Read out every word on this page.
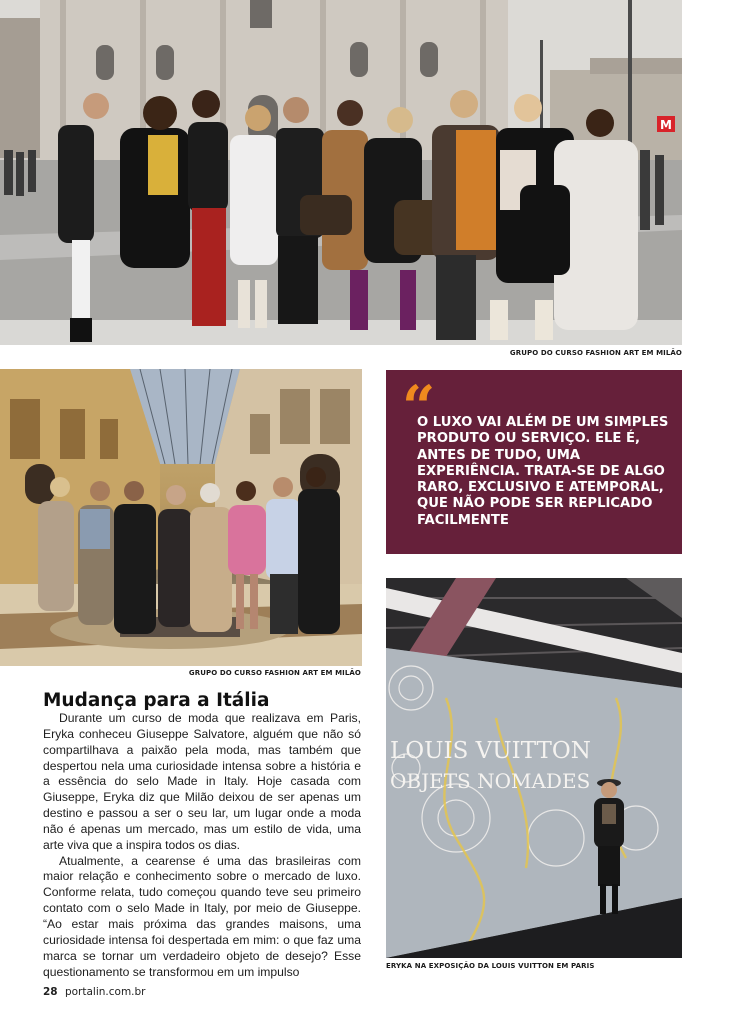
M
GRUPO DO CURSO FASHION ART EM MILÃO
GRUPO DO CURSO FASHION ART EM MILÃO
“
O LUXO VAI ALÉM DE UM SIMPLES PRODUTO OU SERVIÇO. ELE É, ANTES DE TUDO, UMA EXPERIÊNCIA. TRATA-SE DE ALGO RARO, EXCLUSIVO E ATEMPORAL, QUE NÃO PODE SER REPLICADO FACILMENTE
LOUIS VUITTON
OBJETS NOMADES
ERYKA NA EXPOSIÇÃO DA LOUIS VUITTON EM PARIS
Mudança para a Itália

Durante um curso de moda que realizava em Paris, Eryka conheceu Giuseppe Salvatore, alguém que não só compartilhava a paixão pela moda, mas também que despertou nela uma curiosidade intensa sobre a história e a essência do selo Made in Italy. Hoje casada com Giuseppe, Eryka diz que Milão deixou de ser apenas um destino e passou a ser o seu lar, um lugar onde a moda não é apenas um mercado, mas um estilo de vida, uma arte viva que a inspira todos os dias.

Atualmente, a cearense é uma das brasileiras com maior relação e conhecimento sobre o mercado de luxo. Conforme relata, tudo começou quando teve seu primeiro contato com o selo Made in Italy, por meio de Giuseppe. “Ao estar mais próxima das grandes maisons, uma curiosidade intensa foi despertada em mim: o que faz uma marca se tornar um verdadeiro objeto de desejo? Esse questionamento se transformou em um impulso

28 portalin.com.br
